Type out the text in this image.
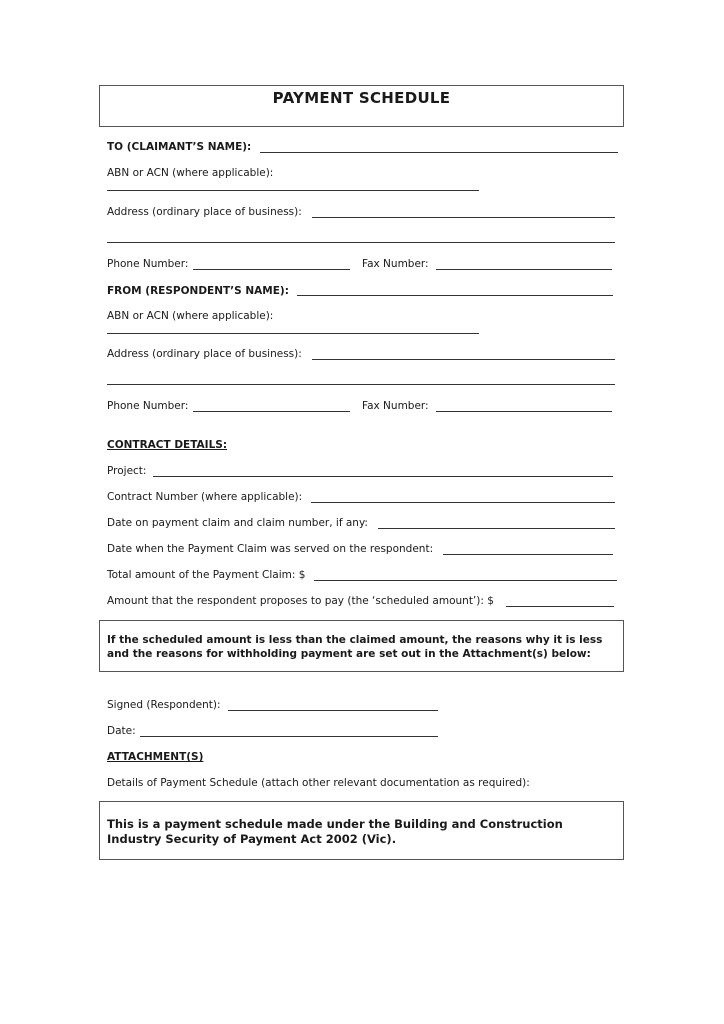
PAYMENT SCHEDULE
TO (CLAIMANT’S NAME):
ABN or ACN (where applicable):
Address (ordinary place of business):
Phone Number:	Fax Number:
FROM (RESPONDENT’S NAME):
ABN or ACN (where applicable):
Address (ordinary place of business):
Phone Number:	Fax Number:
CONTRACT DETAILS:
Project:
Contract Number (where applicable):
Date on payment claim and claim number, if any:
Date when the Payment Claim was served on the respondent:
Total amount of the Payment Claim: $
Amount that the respondent proposes to pay (the ‘scheduled amount’): $
If the scheduled amount is less than the claimed amount, the reasons why it is less
and the reasons for withholding payment are set out in the Attachment(s) below:
Signed (Respondent):
Date:
ATTACHMENT(S)
Details of Payment Schedule (attach other relevant documentation as required):
This is a payment schedule made under the Building and Construction
Industry Security of Payment Act 2002 (Vic).
